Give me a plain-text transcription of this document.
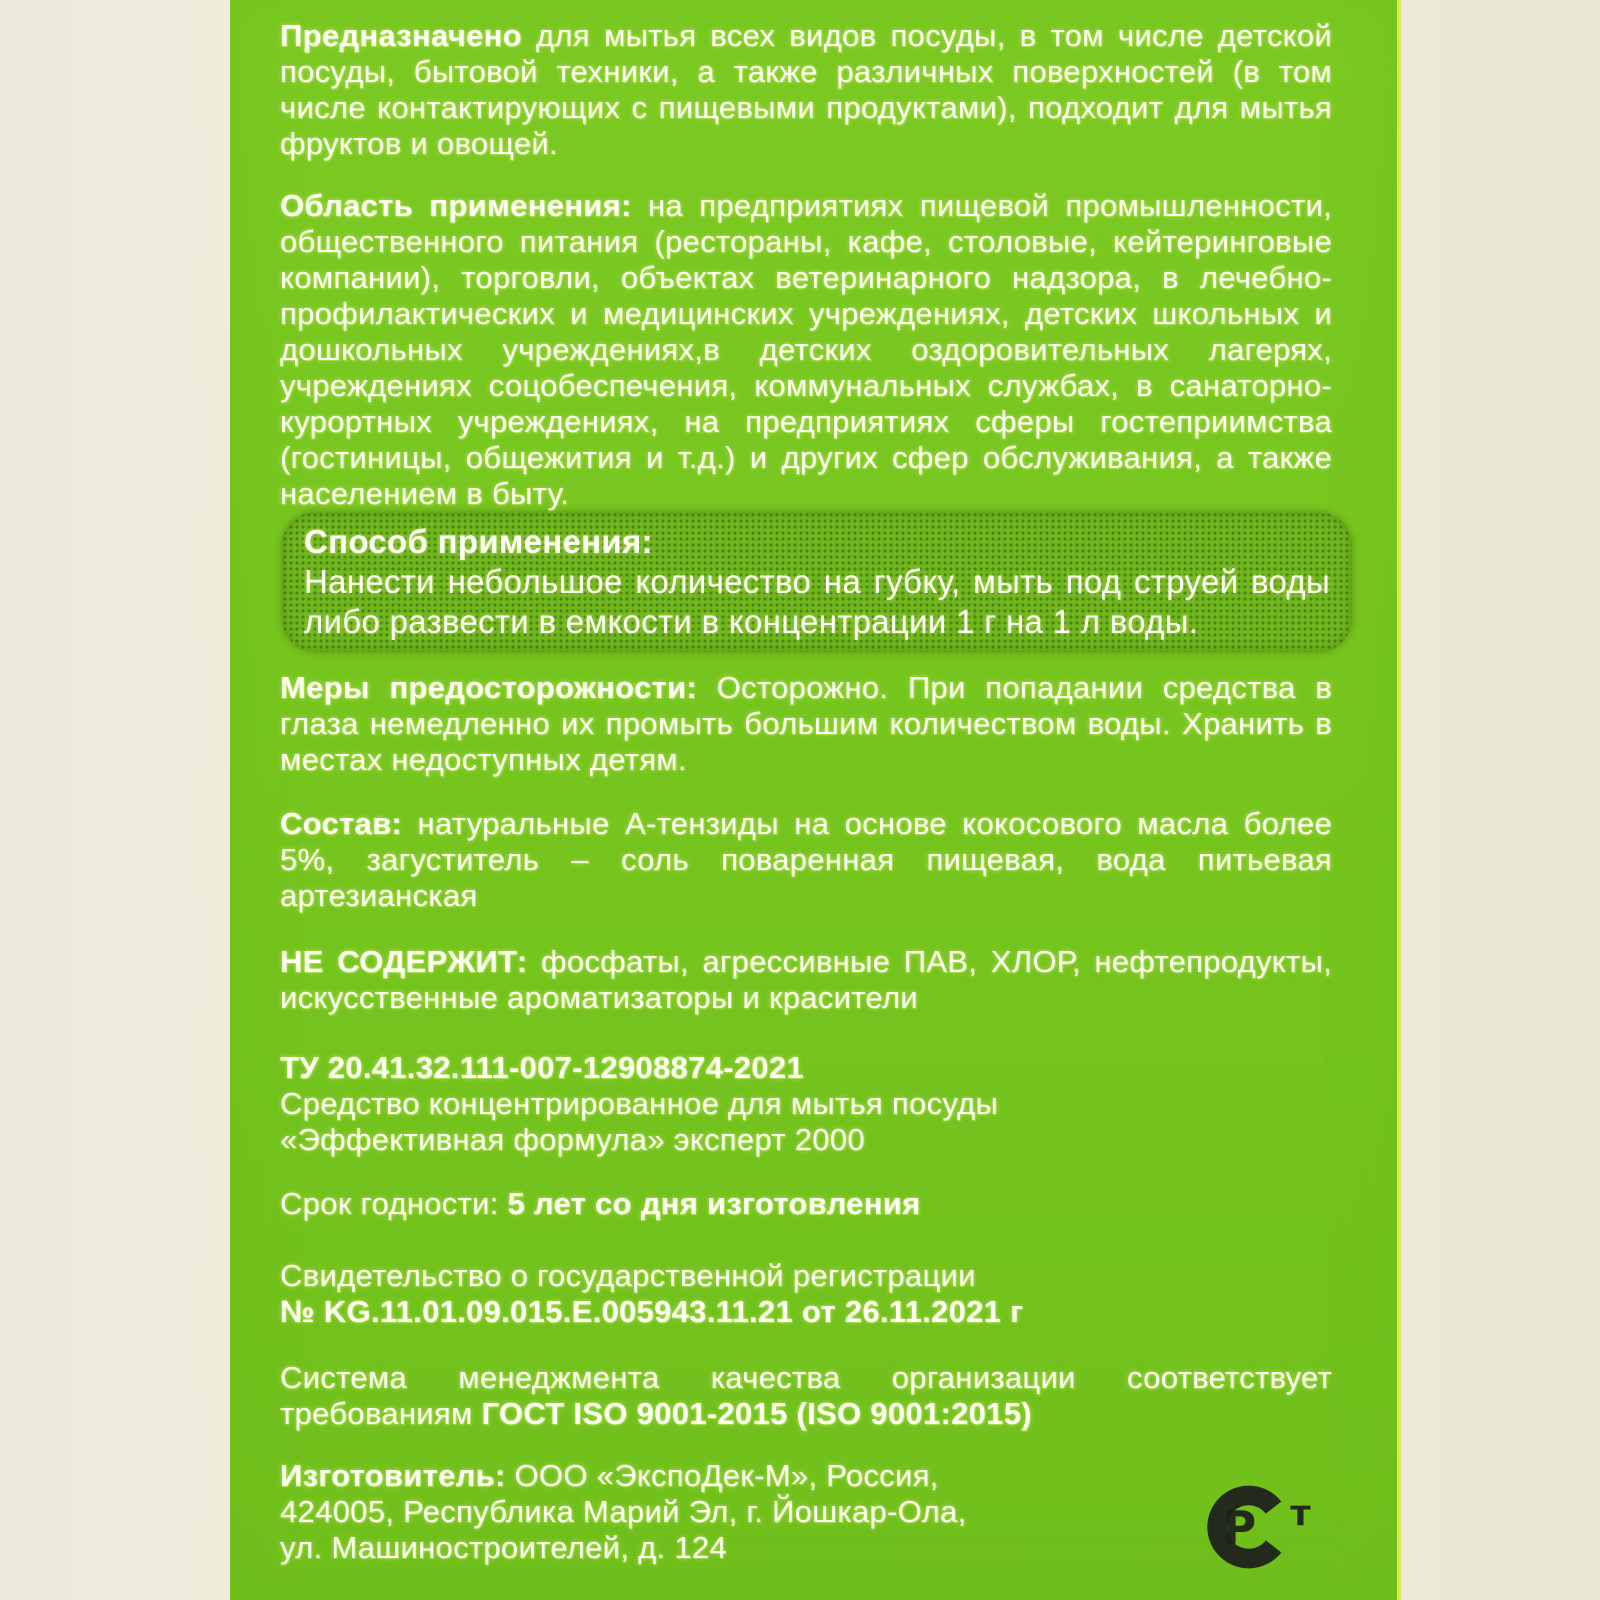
Предназначено для мытья всех видов посуды, в том числе детской посуды, бытовой техники, а также различных поверхностей (в том числе контактирующих с пищевыми продуктами), подходит для мытья фруктов и овощей.
Область применения: на предприятиях пищевой промышленности, общественного питания (рестораны, кафе, столовые, кейтеринговые компании), торговли, объектах ветеринарного надзора, в лечебно-профилактических и медицинских учреждениях, детских школьных и дошкольных учреждениях,в детских оздоровительных лагерях, учреждениях соцобеспечения, коммунальных службах, в санаторно-курортных учреждениях, на предприятиях сферы гостеприимства (гостиницы, общежития и т.д.) и других сфер обслуживания, а также населением в быту.
Способ применения:
Нанести небольшое количество на губку, мыть под струей воды либо развести в емкости в концентрации 1 г на 1 л воды.
Меры предосторожности: Осторожно. При попадании средства в глаза немедленно их промыть большим количеством воды. Хранить в местах недоступных детям.
Состав: натуральные А-тензиды на основе кокосового масла более 5%, загуститель – соль поваренная пищевая, вода питьевая артезианская
НЕ СОДЕРЖИТ: фосфаты, агрессивные ПАВ, ХЛОР, нефтепродукты, искусственные ароматизаторы и красители
ТУ 20.41.32.111-007-12908874-2021
Средство концентрированное для мытья посуды
«Эффективная формула» эксперт 2000
Срок годности: 5 лет со дня изготовления
Свидетельство о государственной регистрации
№ KG.11.01.09.015.E.005943.11.21 от 26.11.2021 г
Система менеджмента качества организации соответствует требованиям ГОСТ ISO 9001-2015 (ISO 9001:2015)
Изготовитель: ООО «ЭкспоДек-М», Россия,
424005, Республика Марий Эл, г. Йошкар-Ола,
ул. Машиностроителей, д. 124	Р т
